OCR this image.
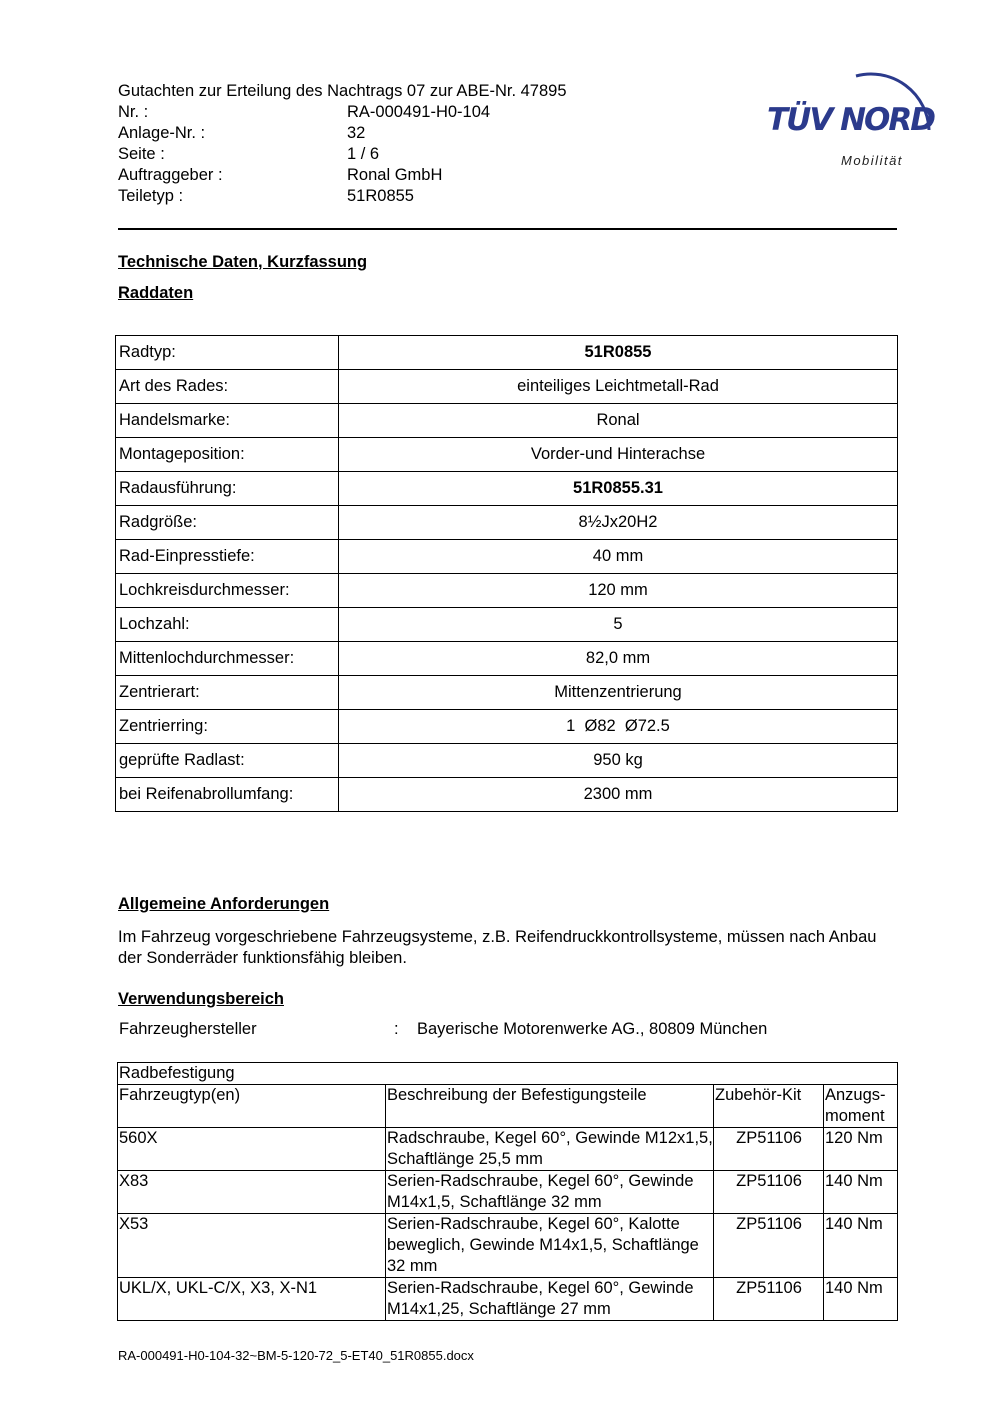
Gutachten zur Erteilung des Nachtrags 07 zur ABE-Nr. 47895
Nr. :	RA-000491-H0-104
Anlage-Nr. :	32
Seite :	1 / 6
Auftraggeber :	Ronal GmbH
Teiletyp :	51R0855
TÜV NORD
Mobilität
Technische Daten, Kurzfassung
Raddaten
Radtyp:	51R0855
Art des Rades:	einteiliges Leichtmetall-Rad
Handelsmarke:	Ronal
Montageposition:	Vorder-und Hinterachse
Radausführung:	51R0855.31
Radgröße:	8½Jx20H2
Rad-Einpresstiefe:	40 mm
Lochkreisdurchmesser:	120 mm
Lochzahl:	5
Mittenlochdurchmesser:	82,0 mm
Zentrierart:	Mittenzentrierung
Zentrierring:	1  Ø82  Ø72.5
geprüfte Radlast:	950 kg
bei Reifenabrollumfang:	2300 mm
Allgemeine Anforderungen
Im Fahrzeug vorgeschriebene Fahrzeugsysteme, z.B. Reifendruckkontrollsysteme, müssen nach Anbau der Sonderräder funktionsfähig bleiben.
Verwendungsbereich
Fahrzeughersteller	: Bayerische Motorenwerke AG., 80809 München
Radbefestigung			
Fahrzeugtyp(en)	Beschreibung der Befestigungsteile	Zubehör-Kit	Anzugs-moment
560X	Radschraube, Kegel 60°, Gewinde M12x1,5, Schaftlänge 25,5 mm	ZP51106	120 Nm
X83	Serien-Radschraube, Kegel 60°, Gewinde M14x1,5, Schaftlänge 32 mm	ZP51106	140 Nm
X53	Serien-Radschraube, Kegel 60°, Kalotte beweglich, Gewinde M14x1,5, Schaftlänge 32 mm	ZP51106	140 Nm
UKL/X, UKL-C/X, X3, X-N1	Serien-Radschraube, Kegel 60°, Gewinde M14x1,25, Schaftlänge 27 mm	ZP51106	140 Nm
RA-000491-H0-104-32~BM-5-120-72_5-ET40_51R0855.docx
